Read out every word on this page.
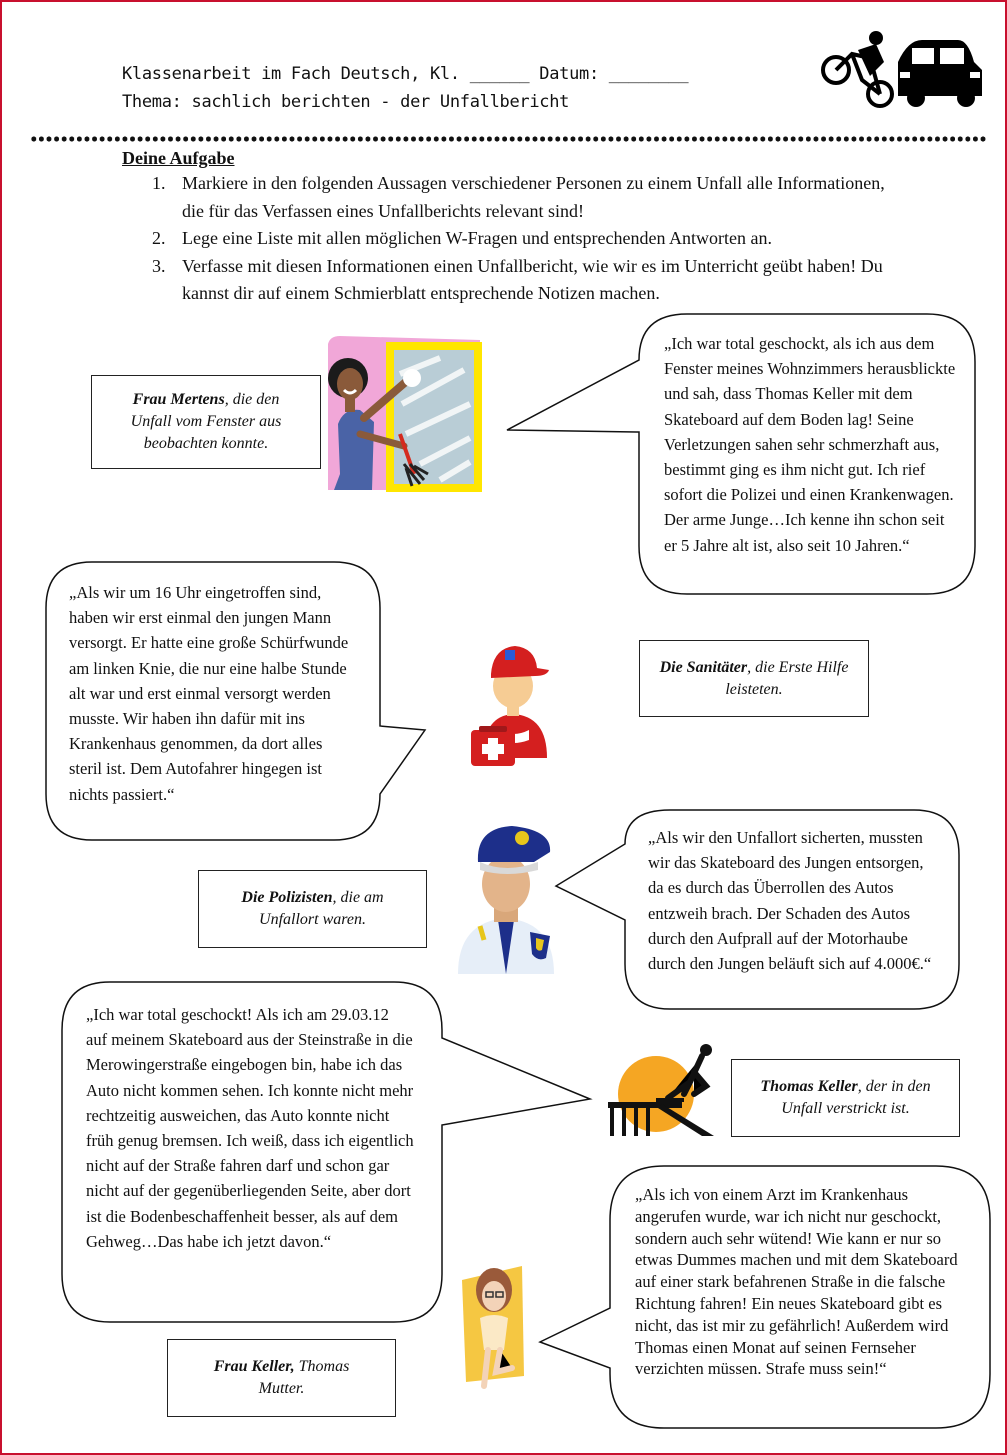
Klassenarbeit im Fach Deutsch, Kl. ______ Datum: ________
Thema: sachlich berichten - der Unfallbericht
Deine Aufgabe
1. Markiere in den folgenden Aussagen verschiedener Personen zu einem Unfall alle Informationen, die für das Verfassen eines Unfallberichts relevant sind!
2. Lege eine Liste mit allen möglichen W-Fragen und entsprechenden Antworten an.
3. Verfasse mit diesen Informationen einen Unfallbericht, wie wir es im Unterricht geübt haben! Du kannst dir auf einem Schmierblatt entsprechende Notizen machen.

„Ich war total geschockt, als ich aus dem Fenster meines Wohnzimmers herausblickte und sah, dass Thomas Keller mit dem Skateboard auf dem Boden lag! Seine Verletzungen sahen sehr schmerzhaft aus, bestimmt ging es ihm nicht gut. Ich rief sofort die Polizei und einen Krankenwagen. Der arme Junge…Ich kenne ihn schon seit er 5 Jahre alt ist, also seit 10 Jahren.“

„Als wir um 16 Uhr eingetroffen sind, haben wir erst einmal den jungen Mann versorgt. Er hatte eine große Schürfwunde am linken Knie, die nur eine halbe Stunde alt war und erst einmal versorgt werden musste. Wir haben ihn dafür mit ins Krankenhaus genommen, da dort alles steril ist. Dem Autofahrer hingegen ist nichts passiert.“

„Als wir den Unfallort sicherten, mussten wir das Skateboard des Jungen entsorgen, da es durch das Überrollen des Autos entzweih brach. Der Schaden des Autos durch den Aufprall auf der Motorhaube durch den Jungen beläuft sich auf 4.000€.“

„Ich war total geschockt! Als ich am 29.03.12 auf meinem Skateboard aus der Steinstraße in die Merowingerstraße eingebogen bin, habe ich das Auto nicht kommen sehen. Ich konnte nicht mehr rechtzeitig ausweichen, das Auto konnte nicht früh genug bremsen. Ich weiß, dass ich eigentlich nicht auf der Straße fahren darf und schon gar nicht auf der gegenüberliegenden Seite, aber dort ist die Bodenbeschaffenheit besser, als auf dem Gehweg…Das habe ich jetzt davon.“

„Als ich von einem Arzt im Krankenhaus angerufen wurde, war ich nicht nur geschockt, sondern auch sehr wütend! Wie kann er nur so etwas Dummes machen und mit dem Skateboard auf einer stark befahrenen Straße in die falsche Richtung fahren! Ein neues Skateboard gibt es nicht, das ist mir zu gefährlich! Außerdem wird Thomas einen Monat auf seinen Fernseher verzichten müssen. Strafe muss sein!“

Frau Mertens, die den Unfall vom Fenster aus beobachten konnte.
Die Sanitäter, die Erste Hilfe leisteten.
Die Polizisten, die am Unfallort waren.
Thomas Keller, der in den Unfall verstrickt ist.
Frau Keller, Thomas Mutter.
